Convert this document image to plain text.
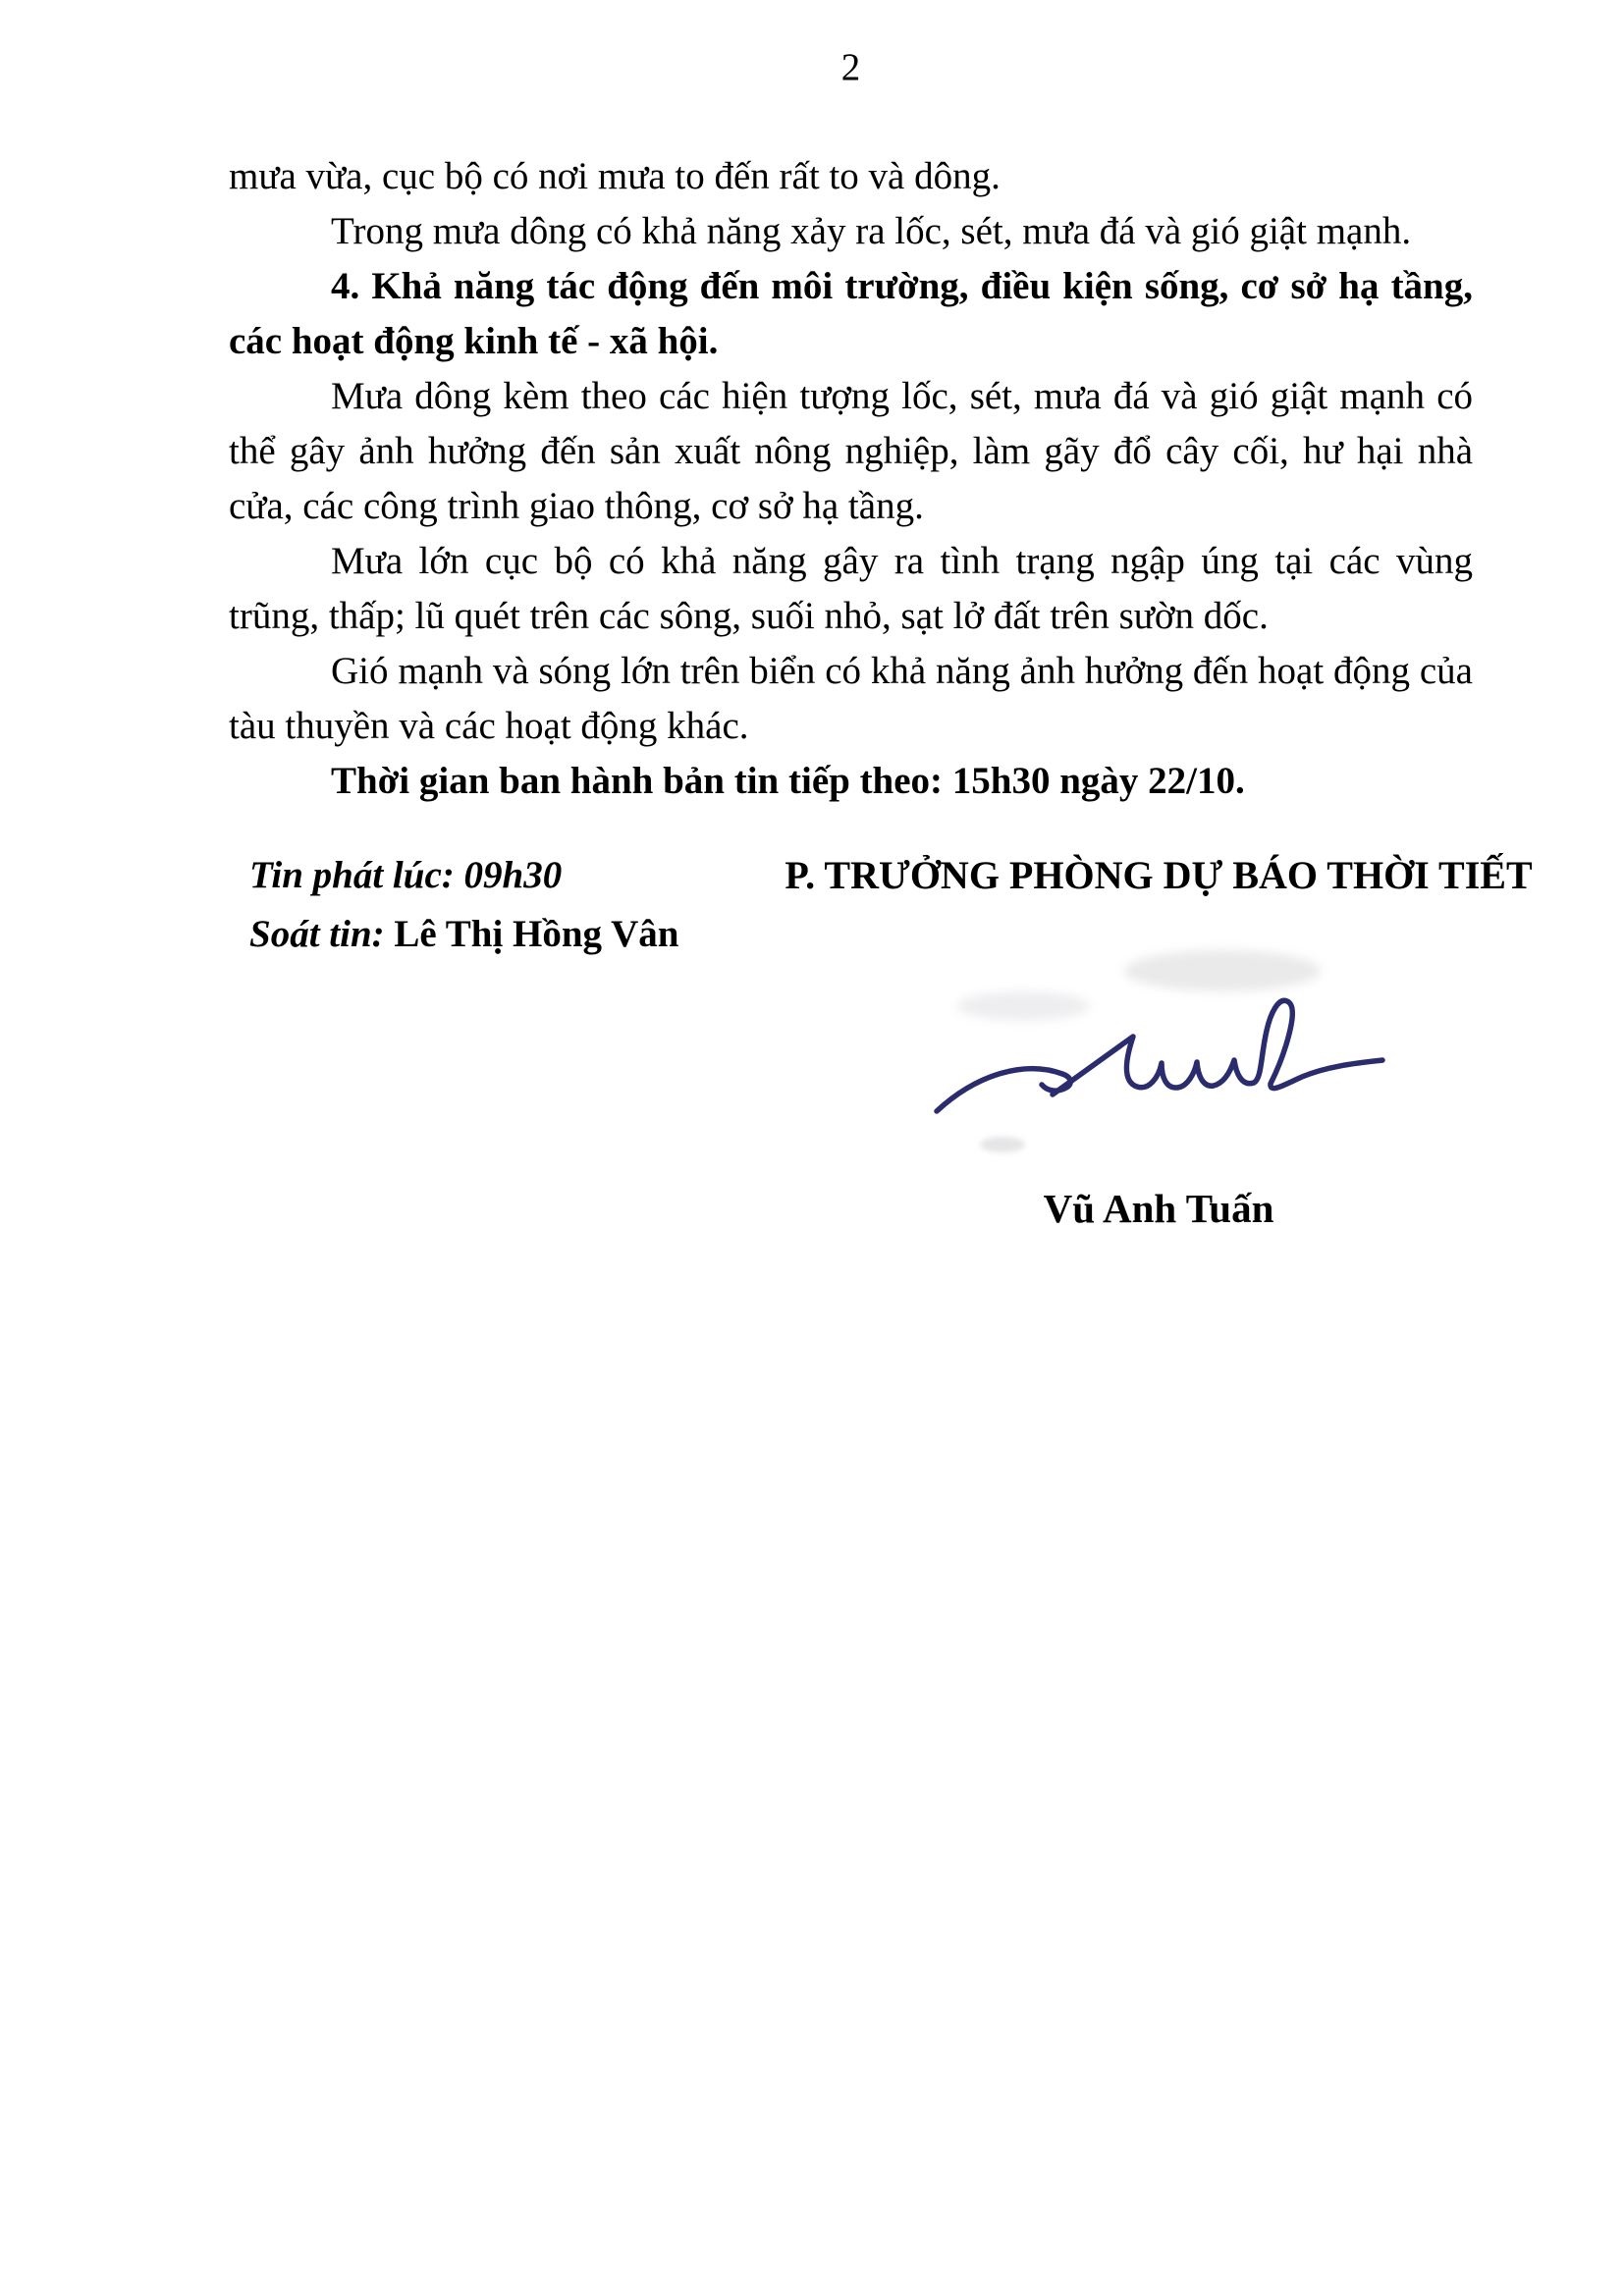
2

mưa vừa, cục bộ có nơi mưa to đến rất to và dông.

Trong mưa dông có khả năng xảy ra lốc, sét, mưa đá và gió giật mạnh.

4. Khả năng tác động đến môi trường, điều kiện sống, cơ sở hạ tầng, các hoạt động kinh tế - xã hội.

Mưa dông kèm theo các hiện tượng lốc, sét, mưa đá và gió giật mạnh có thể gây ảnh hưởng đến sản xuất nông nghiệp, làm gãy đổ cây cối, hư hại nhà cửa, các công trình giao thông, cơ sở hạ tầng.

Mưa lớn cục bộ có khả năng gây ra tình trạng ngập úng tại các vùng trũng, thấp; lũ quét trên các sông, suối nhỏ, sạt lở đất trên sườn dốc.

Gió mạnh và sóng lớn trên biển có khả năng ảnh hưởng đến hoạt động của tàu thuyền và các hoạt động khác.

Thời gian ban hành bản tin tiếp theo: 15h30 ngày 22/10.

Tin phát lúc: 09h30
Soát tin: Lê Thị Hồng Vân
P. TRƯỞNG PHÒNG DỰ BÁO THỜI TIẾT
Vũ Anh Tuấn
